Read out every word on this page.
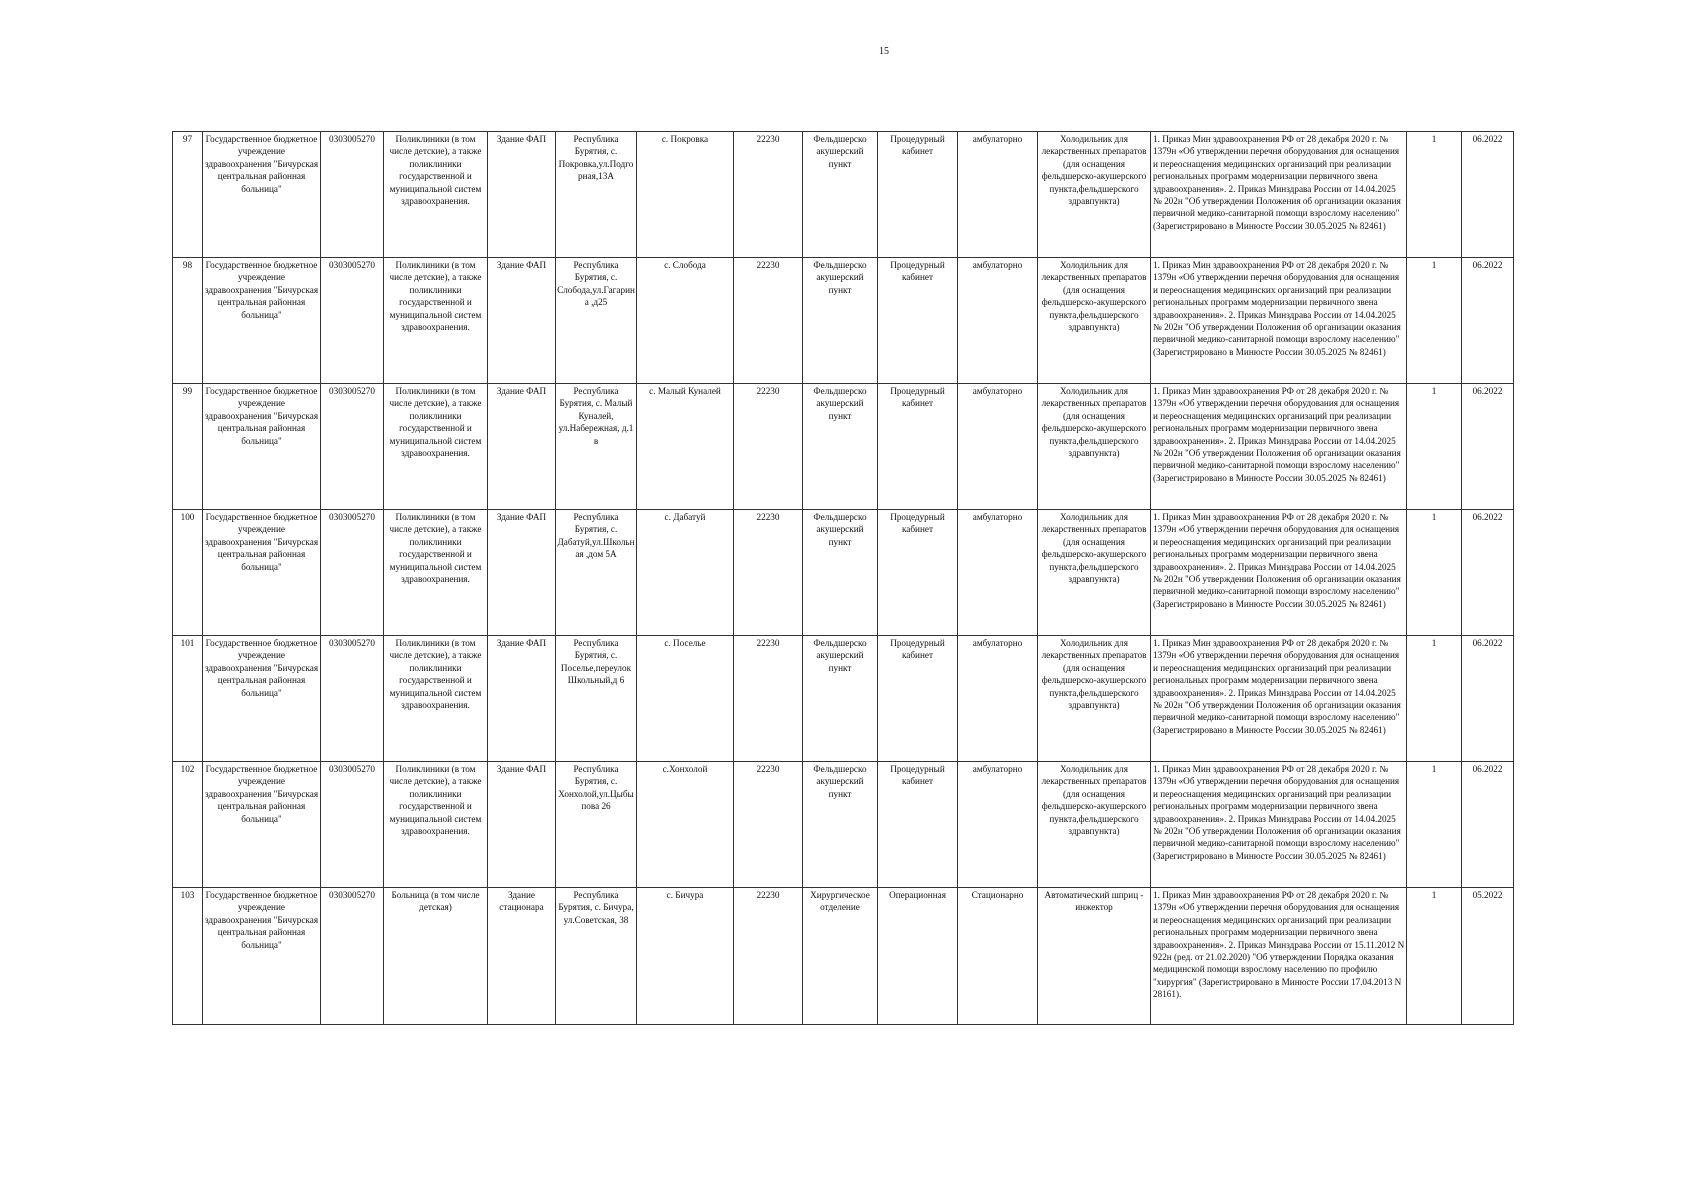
15
97	Государственное бюджетное учреждение здравоохранения "Бичурская центральная районная больница"	0303005270	Поликлиники (в том числе детские), а также поликлиники государственной и муниципальной систем здравоохранения.	Здание ФАП	Республика Бурятия, с. Покровка,ул.Подгорная,13А	с. Покровка	22230	Фельдшерско акушерский пункт	Процедурный кабинет	амбулаторно	Холодильник для лекарственных препаратов (для оснащения фельдшерско-акушерского пункта,фельдшерского здравпункта)	1. Приказ Мин здравоохранения РФ от 28 декабря 2020 г. № 1379н «Об утверждении перечня оборудования для оснащения и переоснащения медицинских организаций при реализации региональных программ модернизации первичного звена здравоохранения». 2. Приказ Минздрава России от 14.04.2025 № 202н "Об утверждении Положения об организации оказания первичной медико-санитарной помощи взрослому населению" (Зарегистрировано в Минюсте России 30.05.2025 № 82461)	1	06.2022
98	Государственное бюджетное учреждение здравоохранения "Бичурская центральная районная больница"	0303005270	Поликлиники (в том числе детские), а также поликлиники государственной и муниципальной систем здравоохранения.	Здание ФАП	Республика Бурятия, с. Слобода,ул.Гагарина ,д25	с. Слобода	22230	Фельдшерско акушерский пункт	Процедурный кабинет	амбулаторно	Холодильник для лекарственных препаратов (для оснащения фельдшерско-акушерского пункта,фельдшерского здравпункта)	1. Приказ Мин здравоохранения РФ от 28 декабря 2020 г. № 1379н «Об утверждении перечня оборудования для оснащения и переоснащения медицинских организаций при реализации региональных программ модернизации первичного звена здравоохранения». 2. Приказ Минздрава России от 14.04.2025 № 202н "Об утверждении Положения об организации оказания первичной медико-санитарной помощи взрослому населению" (Зарегистрировано в Минюсте России 30.05.2025 № 82461)	1	06.2022
99	Государственное бюджетное учреждение здравоохранения "Бичурская центральная районная больница"	0303005270	Поликлиники (в том числе детские), а также поликлиники государственной и муниципальной систем здравоохранения.	Здание ФАП	Республика Бурятия, с. Малый Куналей, ул.Набережная, д.1 в	с. Малый Куналей	22230	Фельдшерско акушерский пункт	Процедурный кабинет	амбулаторно	Холодильник для лекарственных препаратов (для оснащения фельдшерско-акушерского пункта,фельдшерского здравпункта)	1. Приказ Мин здравоохранения РФ от 28 декабря 2020 г. № 1379н «Об утверждении перечня оборудования для оснащения и переоснащения медицинских организаций при реализации региональных программ модернизации первичного звена здравоохранения». 2. Приказ Минздрава России от 14.04.2025 № 202н "Об утверждении Положения об организации оказания первичной медико-санитарной помощи взрослому населению" (Зарегистрировано в Минюсте России 30.05.2025 № 82461)	1	06.2022
100	Государственное бюджетное учреждение здравоохранения "Бичурская центральная районная больница"	0303005270	Поликлиники (в том числе детские), а также поликлиники государственной и муниципальной систем здравоохранения.	Здание ФАП	Республика Бурятия, с. Дабатуй,ул.Школьная ,дом 5А	с. Дабатуй	22230	Фельдшерско акушерский пункт	Процедурный кабинет	амбулаторно	Холодильник для лекарственных препаратов (для оснащения фельдшерско-акушерского пункта,фельдшерского здравпункта)	1. Приказ Мин здравоохранения РФ от 28 декабря 2020 г. № 1379н «Об утверждении перечня оборудования для оснащения и переоснащения медицинских организаций при реализации региональных программ модернизации первичного звена здравоохранения». 2. Приказ Минздрава России от 14.04.2025 № 202н "Об утверждении Положения об организации оказания первичной медико-санитарной помощи взрослому населению" (Зарегистрировано в Минюсте России 30.05.2025 № 82461)	1	06.2022
101	Государственное бюджетное учреждение здравоохранения "Бичурская центральная районная больница"	0303005270	Поликлиники (в том числе детские), а также поликлиники государственной и муниципальной систем здравоохранения.	Здание ФАП	Республика Бурятия, с. Поселье,переулок Школьный,д 6	с. Поселье	22230	Фельдшерско акушерский пункт	Процедурный кабинет	амбулаторно	Холодильник для лекарственных препаратов (для оснащения фельдшерско-акушерского пункта,фельдшерского здравпункта)	1. Приказ Мин здравоохранения РФ от 28 декабря 2020 г. № 1379н «Об утверждении перечня оборудования для оснащения и переоснащения медицинских организаций при реализации региональных программ модернизации первичного звена здравоохранения». 2. Приказ Минздрава России от 14.04.2025 № 202н "Об утверждении Положения об организации оказания первичной медико-санитарной помощи взрослому населению" (Зарегистрировано в Минюсте России 30.05.2025 № 82461)	1	06.2022
102	Государственное бюджетное учреждение здравоохранения "Бичурская центральная районная больница"	0303005270	Поликлиники (в том числе детские), а также поликлиники государственной и муниципальной систем здравоохранения.	Здание ФАП	Республика Бурятия, с. Хонхолой,ул.Цыбыпова 26	с.Хонхолой	22230	Фельдшерско акушерский пункт	Процедурный кабинет	амбулаторно	Холодильник для лекарственных препаратов (для оснащения фельдшерско-акушерского пункта,фельдшерского здравпункта)	1. Приказ Мин здравоохранения РФ от 28 декабря 2020 г. № 1379н «Об утверждении перечня оборудования для оснащения и переоснащения медицинских организаций при реализации региональных программ модернизации первичного звена здравоохранения». 2. Приказ Минздрава России от 14.04.2025 № 202н "Об утверждении Положения об организации оказания первичной медико-санитарной помощи взрослому населению" (Зарегистрировано в Минюсте России 30.05.2025 № 82461)	1	06.2022
103	Государственное бюджетное учреждение здравоохранения "Бичурская центральная районная больница"	0303005270	Больница (в том числе детская)	Здание стационара	Республика Бурятия, с. Бичура, ул.Советская, 38	с. Бичура	22230	Хирургическое отделение	Операционная	Стационарно	Автоматический шприц - инжектор	1. Приказ Мин здравоохранения РФ от 28 декабря 2020 г. № 1379н «Об утверждении перечня оборудования для оснащения и переоснащения медицинских организаций при реализации региональных программ модернизации первичного звена здравоохранения». 2. Приказ Минздрава России от 15.11.2012 N 922н (ред. от 21.02.2020) "Об утверждении Порядка оказания медицинской помощи взрослому населению по профилю "хирургия" (Зарегистрировано в Минюсте России 17.04.2013 N 28161).	1	05.2022
